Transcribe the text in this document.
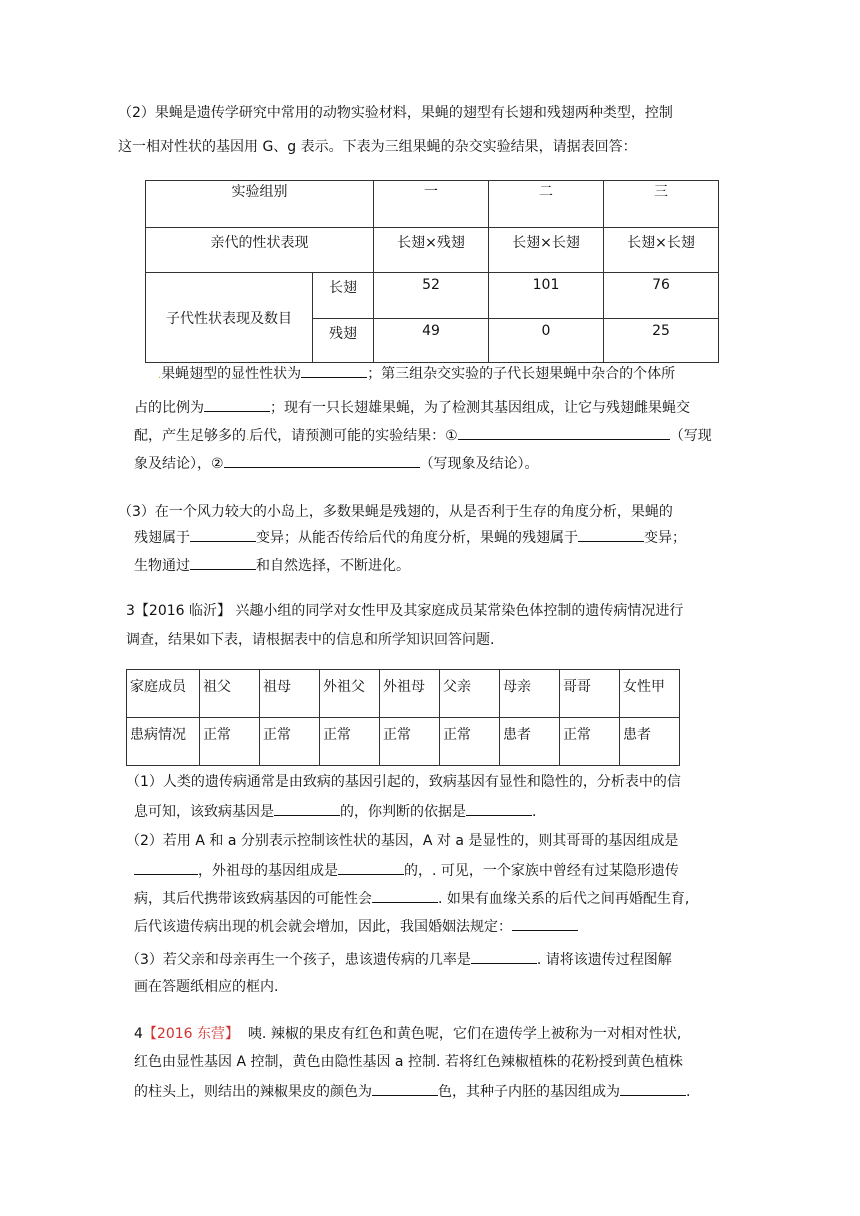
（2）果蝇是遗传学研究中常用的动物实验材料，果蝇的翅型有长翅和残翅两种类型，控制
这一相对性状的基因用 G、g 表示。下表为三组果蝇的杂交实验结果，请据表回答：
实验组别		一	二	三
亲代的性状表现		长翅×残翅	长翅×长翅	长翅×长翅
子代性状表现及数目	长翅	52	101	76
	残翅	49	0	25
.果蝇翅型的显性性状为	；第三组杂交实验的子代长翅果蝇中杂合的个体所
占的比例为	；现有一只长翅雄果蝇，为了检测其基因组成，让它与残翅雌果蝇交
配，产生足够多的.后代，请预测可能的实验结果：①	（写现
象及结论），②	（写现象及结论）。
（3）在一个风力较大的小岛上，多数果蝇是残翅的，从是否利于生存的角度分析，果蝇的
残翅属于	变异；从能否传给后代的角度分析，果蝇的残翅属于	变异；
生物通过	和自然选择，不断进化。
3【2016 临沂】 兴趣小组的同学对女性甲及其家庭成员某常染色体控制的遗传病情况进行
调查，结果如下表，请根据表中的信息和所学知识回答问题.
家庭成员	祖父	祖母	外祖父	外祖母	父亲	母亲	哥哥	女性甲
患病情况	正常	正常	正常	正常	正常	患者	正常	患者
（1）人类的遗传病通常是由致病的基因引起的，致病基因有显性和隐性的，分析表中的信
息可知，该致病基因是	的，你判断的依据是	.
（2）若用 A 和 a 分别表示控制该性状的基因，A 对 a 是显性的，则其哥哥的基因组成是
，外祖母的基因组成是	的，. 可见，一个家族中曾经有过某隐形遗传
病，其后代携带该致病基因的可能性会	. 如果有血缘关系的后代之间再婚配生育,
后代该遗传病出现的机会就会增加，因此，我国婚姻法规定：
（3）若父亲和母亲再生一个孩子，患该遗传病的几率是	. 请将该遗传过程图解
画在答题纸相应的框内.
4【2016 东营】 咦. 辣椒的果皮有红色和黄色呢，它们在遗传学上被称为一对相对性状,
红色由显性基因 A 控制，黄色由隐性基因 a 控制. 若将红色辣椒植株的花粉授到黄色植株
的柱头上，则结出的辣椒果皮的颜色为	色，其种子内胚的基因组成为	.
